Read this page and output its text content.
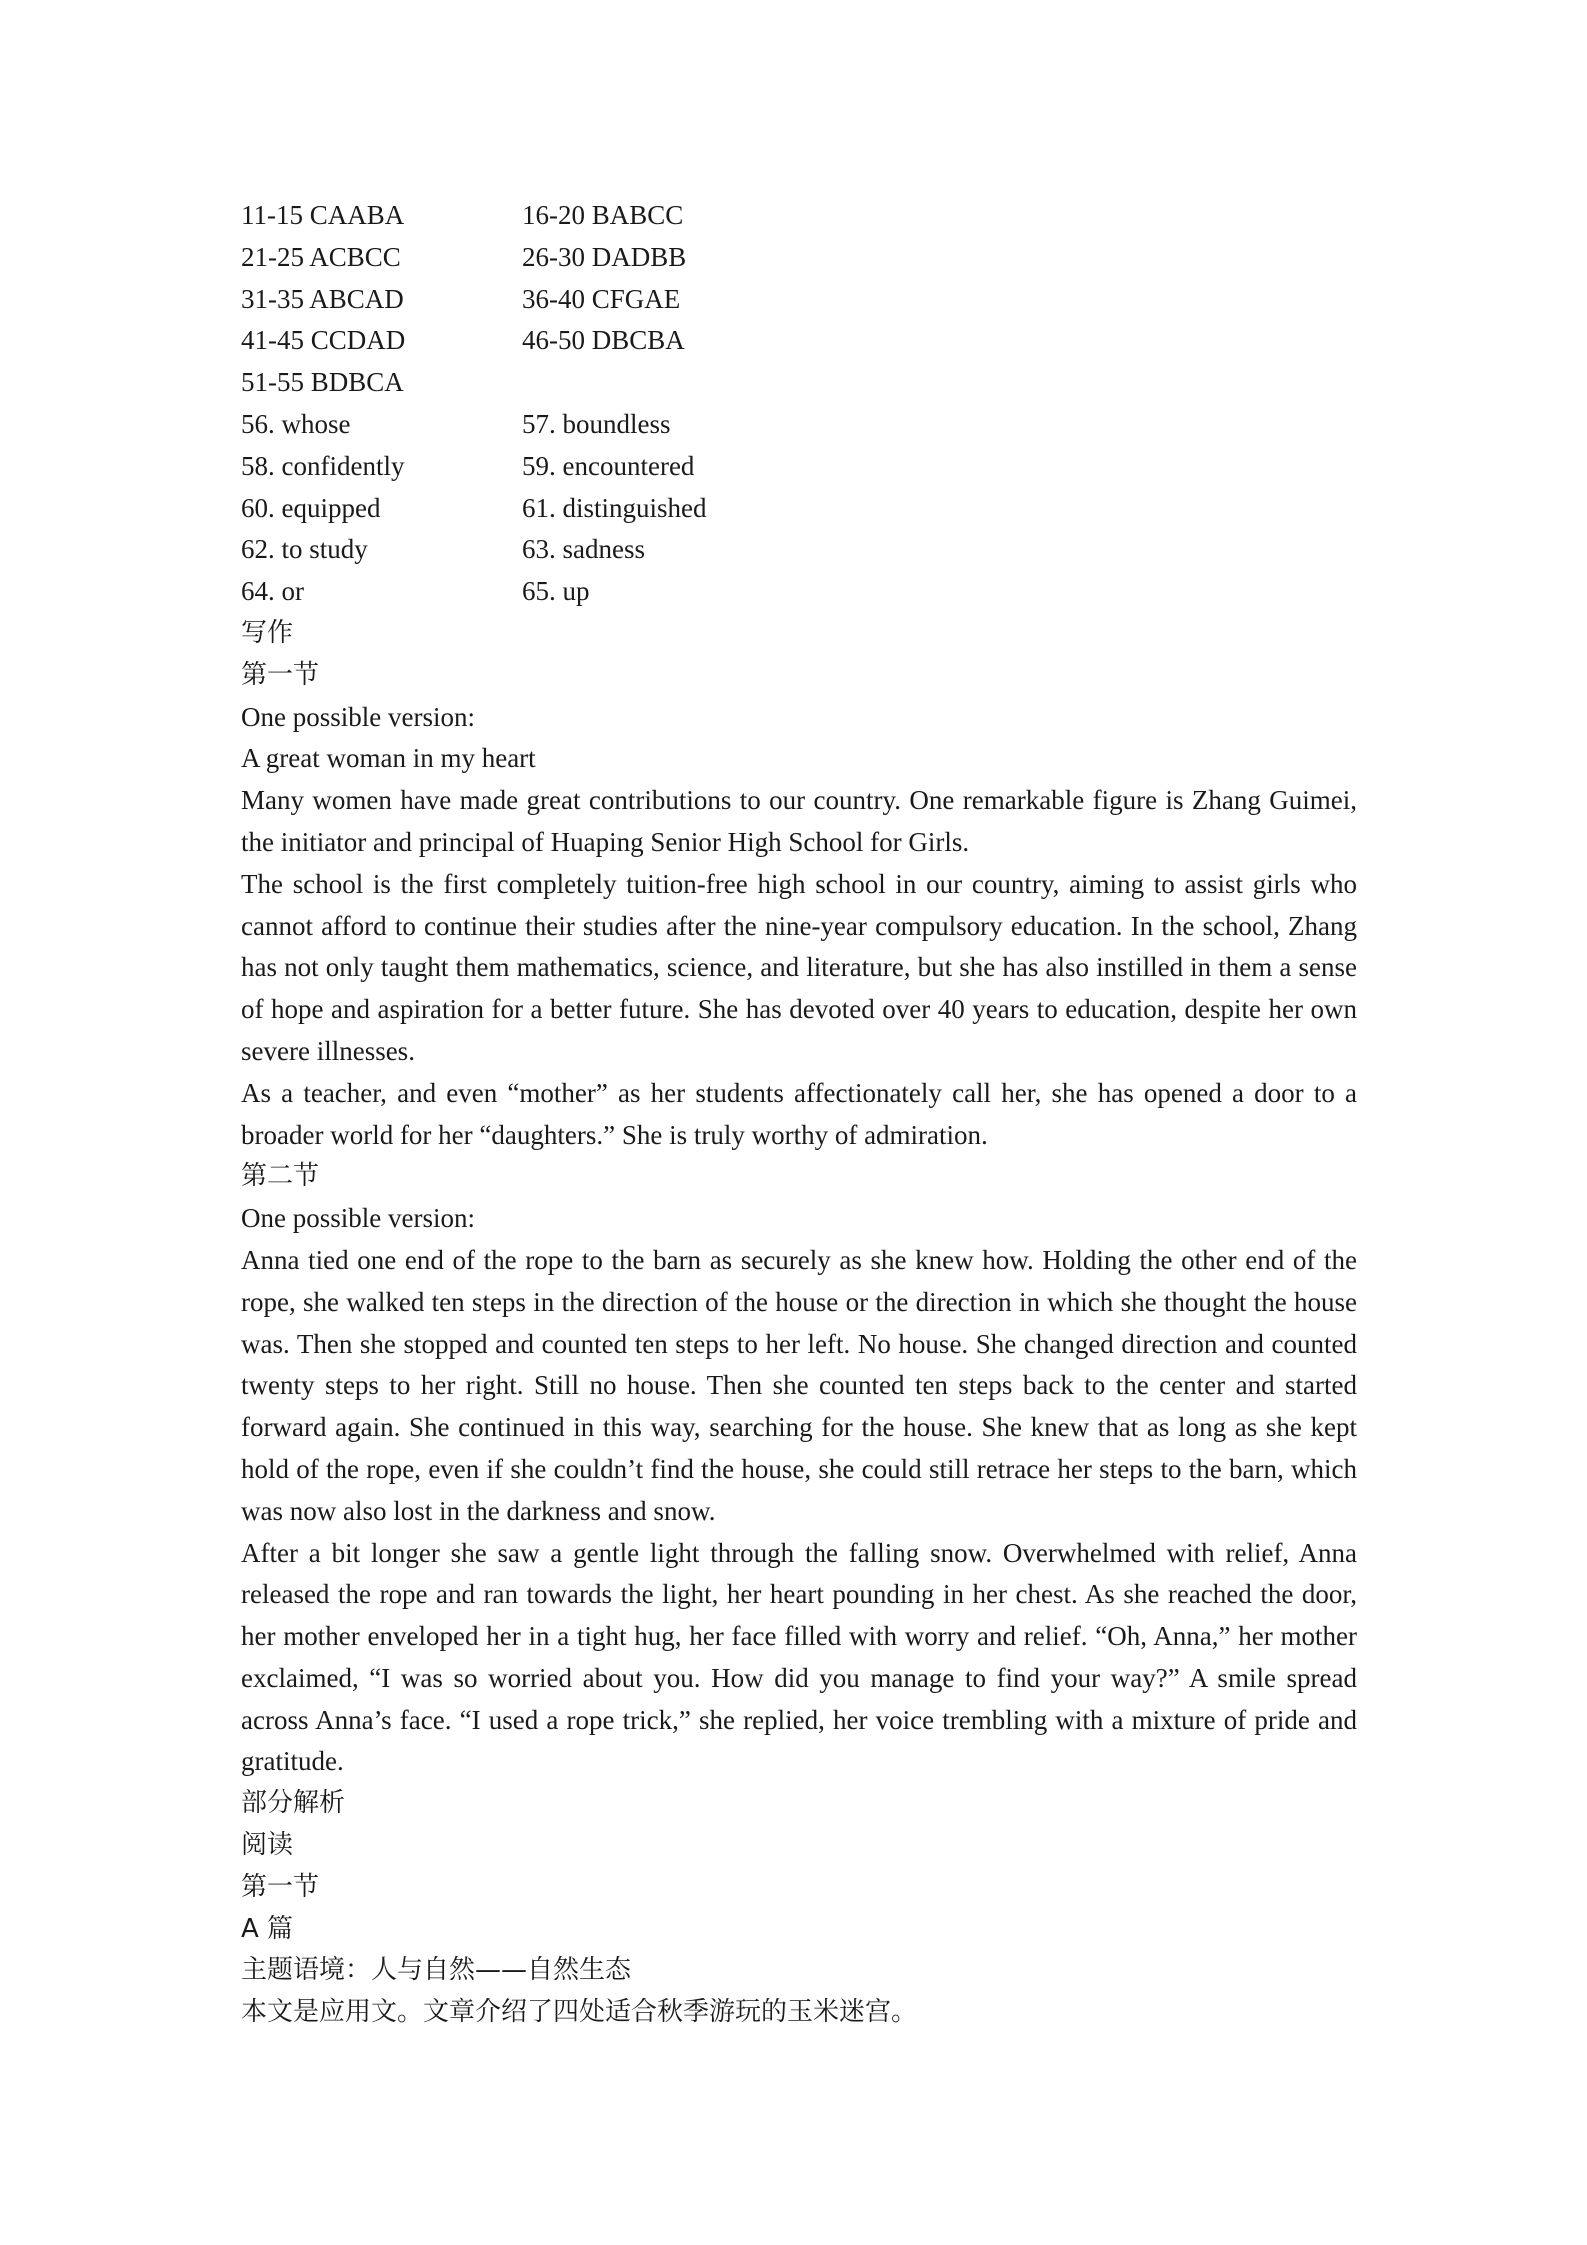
11-15 CAABA	16-20 BABCC
21-25 ACBCC	26-30 DADBB
31-35 ABCAD	36-40 CFGAE
41-45 CCDAD	46-50 DBCBA
51-55 BDBCA
56. whose	57. boundless
58. confidently	59. encountered
60. equipped	61. distinguished
62. to study	63. sadness
64. or	65. up
写作
第一节
One possible version:
A great woman in my heart

Many women have made great contributions to our country. One remarkable figure is Zhang Guimei, the initiator and principal of Huaping Senior High School for Girls.

The school is the first completely tuition-free high school in our country, aiming to assist girls who cannot afford to continue their studies after the nine-year compulsory education. In the school, Zhang has not only taught them mathematics, science, and literature, but she has also instilled in them a sense of hope and aspiration for a better future. She has devoted over 40 years to education, despite her own severe illnesses.

As a teacher, and even “mother” as her students affectionately call her, she has opened a door to a broader world for her “daughters.” She is truly worthy of admiration.

第二节
One possible version:

Anna tied one end of the rope to the barn as securely as she knew how. Holding the other end of the rope, she walked ten steps in the direction of the house or the direction in which she thought the house was. Then she stopped and counted ten steps to her left. No house. She changed direction and counted twenty steps to her right. Still no house. Then she counted ten steps back to the center and started forward again. She continued in this way, searching for the house. She knew that as long as she kept hold of the rope, even if she couldn’t find the house, she could still retrace her steps to the barn, which was now also lost in the darkness and snow.

After a bit longer she saw a gentle light through the falling snow. Overwhelmed with relief, Anna released the rope and ran towards the light, her heart pounding in her chest. As she reached the door, her mother enveloped her in a tight hug, her face filled with worry and relief. “Oh, Anna,” her mother exclaimed, “I was so worried about you. How did you manage to find your way?” A smile spread across Anna’s face. “I used a rope trick,” she replied, her voice trembling with a mixture of pride and gratitude.

部分解析
阅读
第一节
A 篇
主题语境：人与自然——自然生态
本文是应用文。文章介绍了四处适合秋季游玩的玉米迷宫。
